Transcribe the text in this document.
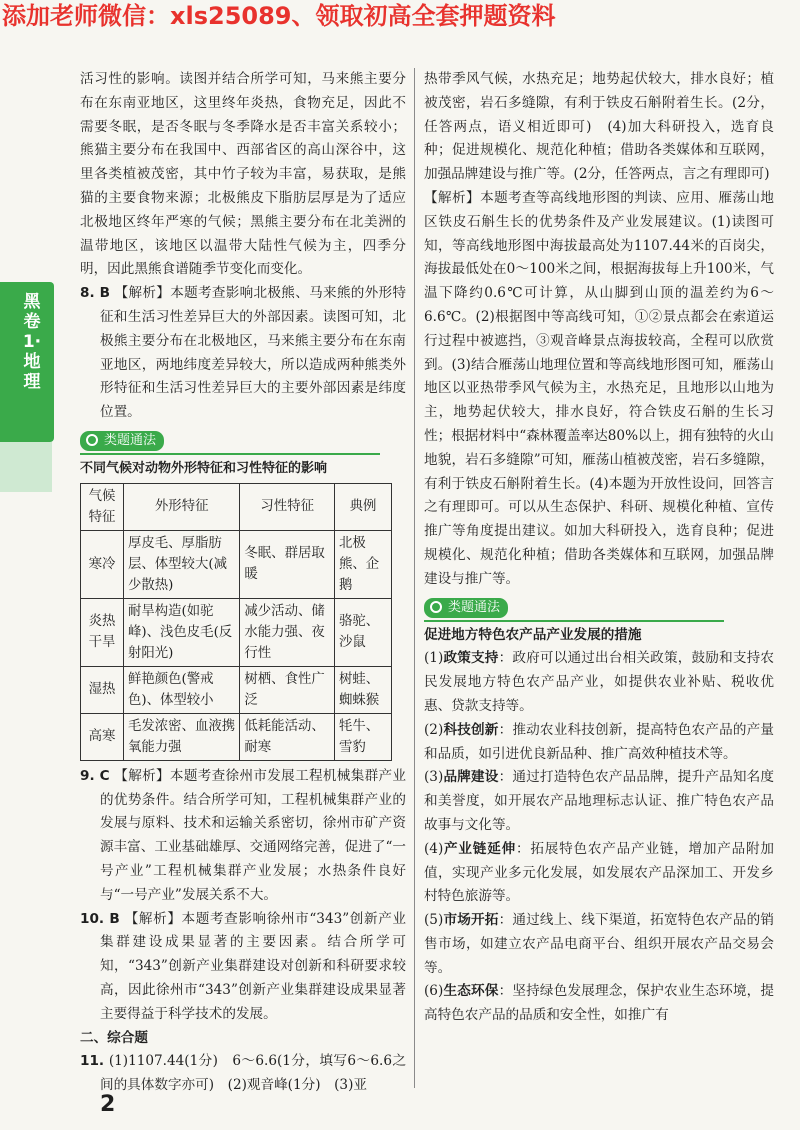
添加老师微信：xls25089、领取初高全套押题资料
黑卷1·地理

活习性的影响。读图并结合所学可知，马来熊主要分布在东南亚地区，这里终年炎热，食物充足，因此不需要冬眠，是否冬眠与冬季降水是否丰富关系较小；熊猫主要分布在我国中、西部省区的高山深谷中，这里各类植被茂密，其中竹子较为丰富，易获取，是熊猫的主要食物来源；北极熊皮下脂肪层厚是为了适应北极地区终年严寒的气候；黑熊主要分布在北美洲的温带地区，该地区以温带大陆性气候为主，四季分明，因此黑熊食谱随季节变化而变化。

8. B 【解析】本题考查影响北极熊、马来熊的外形特征和生活习性差异巨大的外部因素。读图可知，北极熊主要分布在北极地区，马来熊主要分布在东南亚地区，两地纬度差异较大，所以造成两种熊类外形特征和生活习性差异巨大的主要外部因素是纬度位置。

类题通法
不同气候对动物外形特征和习性特征的影响
气候特征	外形特征	习性特征	典例
寒冷	厚皮毛、厚脂肪层、体型较大(减少散热)	冬眠、群居取暖	北极熊、企鹅
炎热干旱	耐旱构造(如驼峰)、浅色皮毛(反射阳光)	减少活动、储水能力强、夜行性	骆驼、沙鼠
湿热	鲜艳颜色(警戒色)、体型较小	树栖、食性广泛	树蛙、蜘蛛猴
高寒	毛发浓密、血液携氧能力强	低耗能活动、耐寒	牦牛、雪豹

9. C 【解析】本题考查徐州市发展工程机械集群产业的优势条件。结合所学可知，工程机械集群产业的发展与原料、技术和运输关系密切，徐州市矿产资源丰富、工业基础雄厚、交通网络完善，促进了“一号产业”工程机械集群产业发展；水热条件良好与“一号产业”发展关系不大。

10. B 【解析】本题考查影响徐州市“343”创新产业集群建设成果显著的主要因素。结合所学可知，“343”创新产业集群建设对创新和科研要求较高，因此徐州市“343”创新产业集群建设成果显著主要得益于科学技术的发展。

二、综合题

11. (1)1107.44(1分)　6～6.6(1分，填写6～6.6之间的具体数字亦可)　(2)观音峰(1分)　(3)亚

热带季风气候，水热充足；地势起伏较大，排水良好；植被茂密，岩石多缝隙，有利于铁皮石斛附着生长。(2分，任答两点，语义相近即可)　(4)加大科研投入，选育良种；促进规模化、规范化种植；借助各类媒体和互联网，加强品牌建设与推广等。(2分，任答两点，言之有理即可)

【解析】本题考查等高线地形图的判读、应用、雁荡山地区铁皮石斛生长的优势条件及产业发展建议。(1)读图可知，等高线地形图中海拔最高处为1107.44米的百岗尖，海拔最低处在0～100米之间，根据海拔每上升100米，气温下降约0.6℃可计算，从山脚到山顶的温差约为6～6.6℃。(2)根据图中等高线可知，①②景点都会在索道运行过程中被遮挡，③观音峰景点海拔较高，全程可以欣赏到。(3)结合雁荡山地理位置和等高线地形图可知，雁荡山地区以亚热带季风气候为主，水热充足，且地形以山地为主，地势起伏较大，排水良好，符合铁皮石斛的生长习性；根据材料中“森林覆盖率达80%以上，拥有独特的火山地貌，岩石多缝隙”可知，雁荡山植被茂密，岩石多缝隙，有利于铁皮石斛附着生长。(4)本题为开放性设问，回答言之有理即可。可以从生态保护、科研、规模化种植、宣传推广等角度提出建议。如加大科研投入，选育良种；促进规模化、规范化种植；借助各类媒体和互联网，加强品牌建设与推广等。

类题通法

促进地方特色农产品产业发展的措施

(1)政策支持：政府可以通过出台相关政策，鼓励和支持农民发展地方特色农产品产业，如提供农业补贴、税收优惠、贷款支持等。

(2)科技创新：推动农业科技创新，提高特色农产品的产量和品质，如引进优良新品种、推广高效种植技术等。

(3)品牌建设：通过打造特色农产品品牌，提升产品知名度和美誉度，如开展农产品地理标志认证、推广特色农产品故事与文化等。

(4)产业链延伸：拓展特色农产品产业链，增加产品附加值，实现产业多元化发展，如发展农产品深加工、开发乡村特色旅游等。

(5)市场开拓：通过线上、线下渠道，拓宽特色农产品的销售市场，如建立农产品电商平台、组织开展农产品交易会等。

(6)生态环保：坚持绿色发展理念，保护农业生态环境，提高特色农产品的品质和安全性，如推广有

2
